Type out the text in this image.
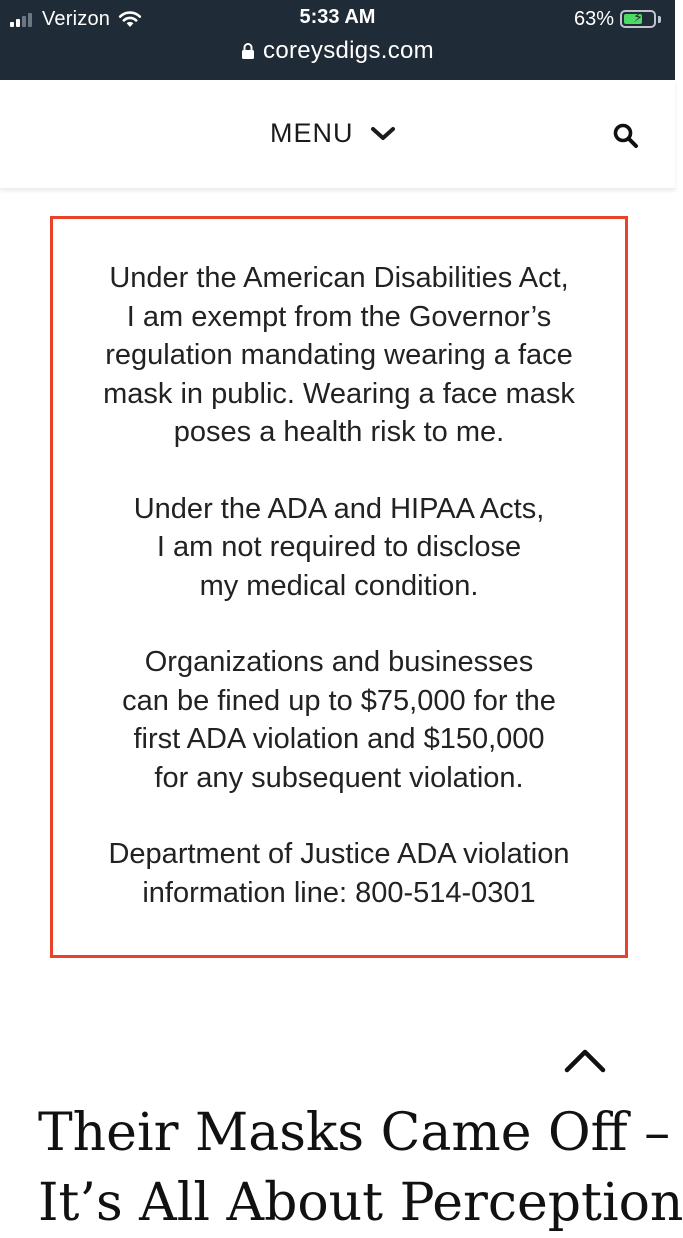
Verizon	5:33 AM	63%	⚡
coreysdigs.com
MENU

Under the American Disabilities Act,
I am exempt from the Governor’s
regulation mandating wearing a face
mask in public. Wearing a face mask
poses a health risk to me.

Under the ADA and HIPAA Acts,
I am not required to disclose
my medical condition.

Organizations and businesses
can be fined up to $75,000 for the
first ADA violation and $150,000
for any subsequent violation.

Department of Justice ADA violation
information line: 800-514-0301

Their Masks Came Off –
It’s All About Perception
